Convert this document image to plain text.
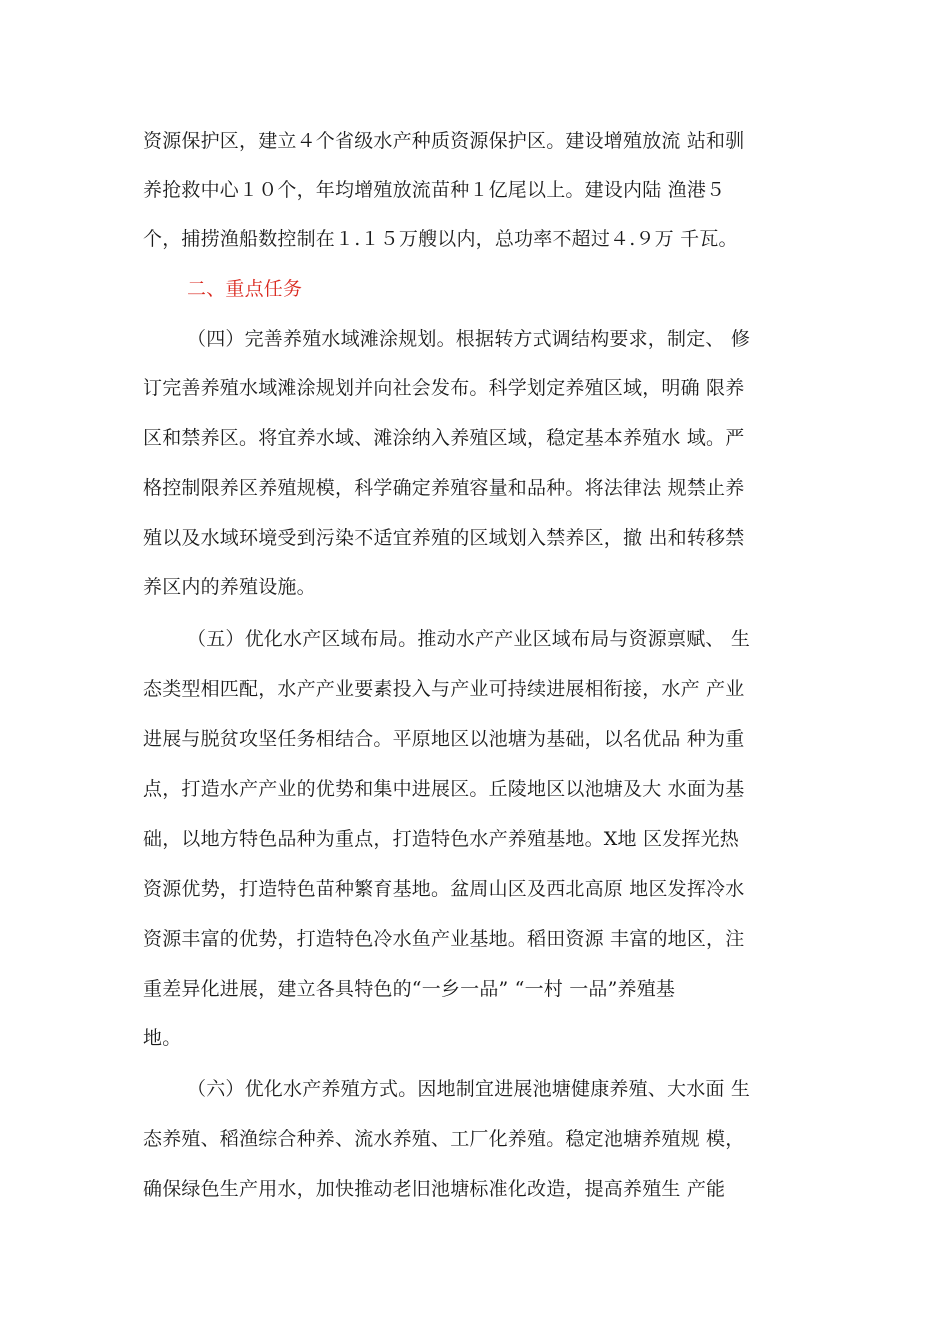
资源保护区，建立４个省级水产种质资源保护区。建设增殖放流 站和驯
养抢救中心１０个，年均增殖放流苗种１亿尾以上。建设内陆 渔港５
个，捕捞渔船数控制在１.１５万艘以内，总功率不超过４.９万 千瓦。
二、重点任务
（四）完善养殖水域滩涂规划。根据转方式调结构要求，制定、 修
订完善养殖水域滩涂规划并向社会发布。科学划定养殖区域，明确 限养
区和禁养区。将宜养水域、滩涂纳入养殖区域，稳定基本养殖水 域。严
格控制限养区养殖规模，科学确定养殖容量和品种。将法律法 规禁止养
殖以及水域环境受到污染不适宜养殖的区域划入禁养区，撤 出和转移禁
养区内的养殖设施。
（五）优化水产区域布局。推动水产产业区域布局与资源禀赋、 生
态类型相匹配，水产产业要素投入与产业可持续进展相衔接，水产 产业
进展与脱贫攻坚任务相结合。平原地区以池塘为基础，以名优品 种为重
点，打造水产产业的优势和集中进展区。丘陵地区以池塘及大 水面为基
础，以地方特色品种为重点，打造特色水产养殖基地。X地 区发挥光热
资源优势，打造特色苗种繁育基地。盆周山区及西北高原 地区发挥冷水
资源丰富的优势，打造特色冷水鱼产业基地。稻田资源 丰富的地区，注
重差异化进展，建立各具特色的“一乡一品” “一村 一品”养殖基
地。
（六）优化水产养殖方式。因地制宜进展池塘健康养殖、大水面 生
态养殖、稻渔综合种养、流水养殖、工厂化养殖。稳定池塘养殖规 模，
确保绿色生产用水，加快推动老旧池塘标准化改造，提高养殖生 产能
